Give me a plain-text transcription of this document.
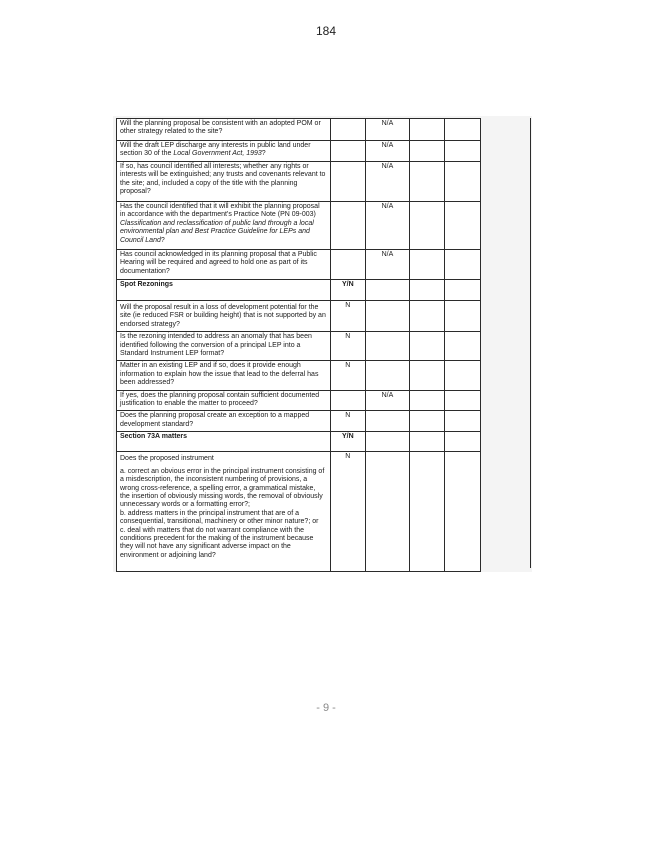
184
Will the planning proposal be consistent with an adopted POM or other strategy related to the site?		N/A		
Will the draft LEP discharge any interests in public land under section 30 of the Local Government Act, 1993?		N/A		
If so, has council identified all interests; whether any rights or interests will be extinguished; any trusts and covenants relevant to the site; and, included a copy of the title with the planning proposal?		N/A		
Has the council identified that it will exhibit the planning proposal in accordance with the department's Practice Note (PN 09-003) Classification and reclassification of public land through a local environmental plan and Best Practice Guideline for LEPs and Council Land?		N/A		
Has council acknowledged in its planning proposal that a Public Hearing will be required and agreed to hold one as part of its documentation?		N/A		
Spot Rezonings	Y/N			
Will the proposal result in a loss of development potential for the site (ie reduced FSR or building height) that is not supported by an endorsed strategy?	N			
Is the rezoning intended to address an anomaly that has been identified following the conversion of a principal LEP into a Standard Instrument LEP format?	N			
Matter in an existing LEP and if so, does it provide enough information to explain how the issue that lead to the deferral has been addressed?	N			
If yes, does the planning proposal contain sufficient documented justification to enable the matter to proceed?		N/A		
Does the planning proposal create an exception to a mapped development standard?	N			
Section 73A matters	Y/N			

Does the proposed instrument
a. correct an obvious error in the principal instrument consisting of a misdescription, the inconsistent numbering of provisions, a wrong cross-reference, a spelling error, a grammatical mistake, the insertion of obviously missing words, the removal of obviously unnecessary words or a formatting error?;
b. address matters in the principal instrument that are of a consequential, transitional, machinery or other minor nature?; or
c. deal with matters that do not warrant compliance with the conditions precedent for the making of the instrument because they will not have any significant adverse impact on the environment or adjoining land?	N			
- 9 -
